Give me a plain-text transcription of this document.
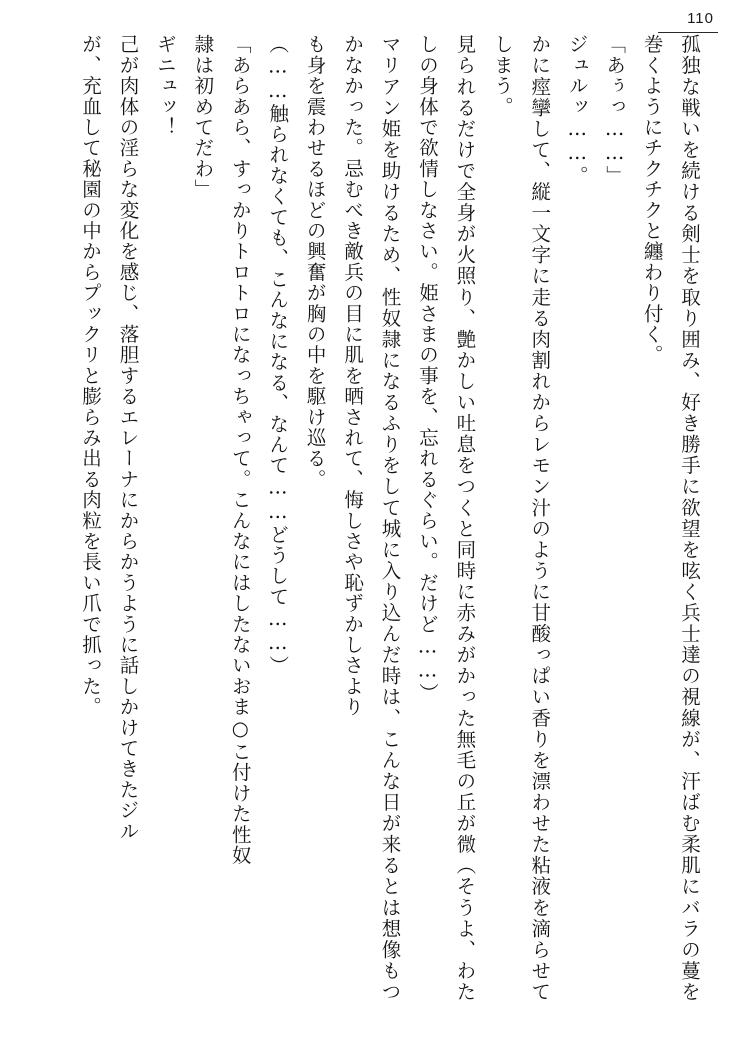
110

孤独な戦いを続ける剣士を取り囲み、好き勝手に欲望を呟く兵士達の視線が、汗ばむ柔肌にバラの蔓を巻くようにチクチクと纏わり付く。

「あぅっ……」

ジュルッ……。

かに痙攣して、縦一文字に走る肉割れからレモン汁のように甘酸っぱい香りを漂わせた粘液を滴らせてしまう。

見られるだけで全身が火照り、艶かしい吐息をつくと同時に赤みがかった無毛の丘が微（そうよ、わたしの身体で欲情しなさい。姫さまの事を、忘れるぐらい。だけど……）

マリアン姫を助けるため、性奴隷になるふりをして城に入り込んだ時は、こんな日が来るとは想像もつかなかった。忌むべき敵兵の目に肌を晒されて、悔しさや恥ずかしさより

も身を震わせるほどの興奮が胸の中を駆け巡る。

（……触られなくても、こんなになる、なんて……どうして……）

「あらあら、すっかりトロトロになっちゃって。こんなにはしたないおま○こ付けた性奴

隷は初めてだわ」

ギニュッ！

己が肉体の淫らな変化を感じ、落胆するエレーナにからかうように話しかけてきたジル

が、充血して秘園の中からプックリと膨らみ出る肉粒を長い爪で抓った。
